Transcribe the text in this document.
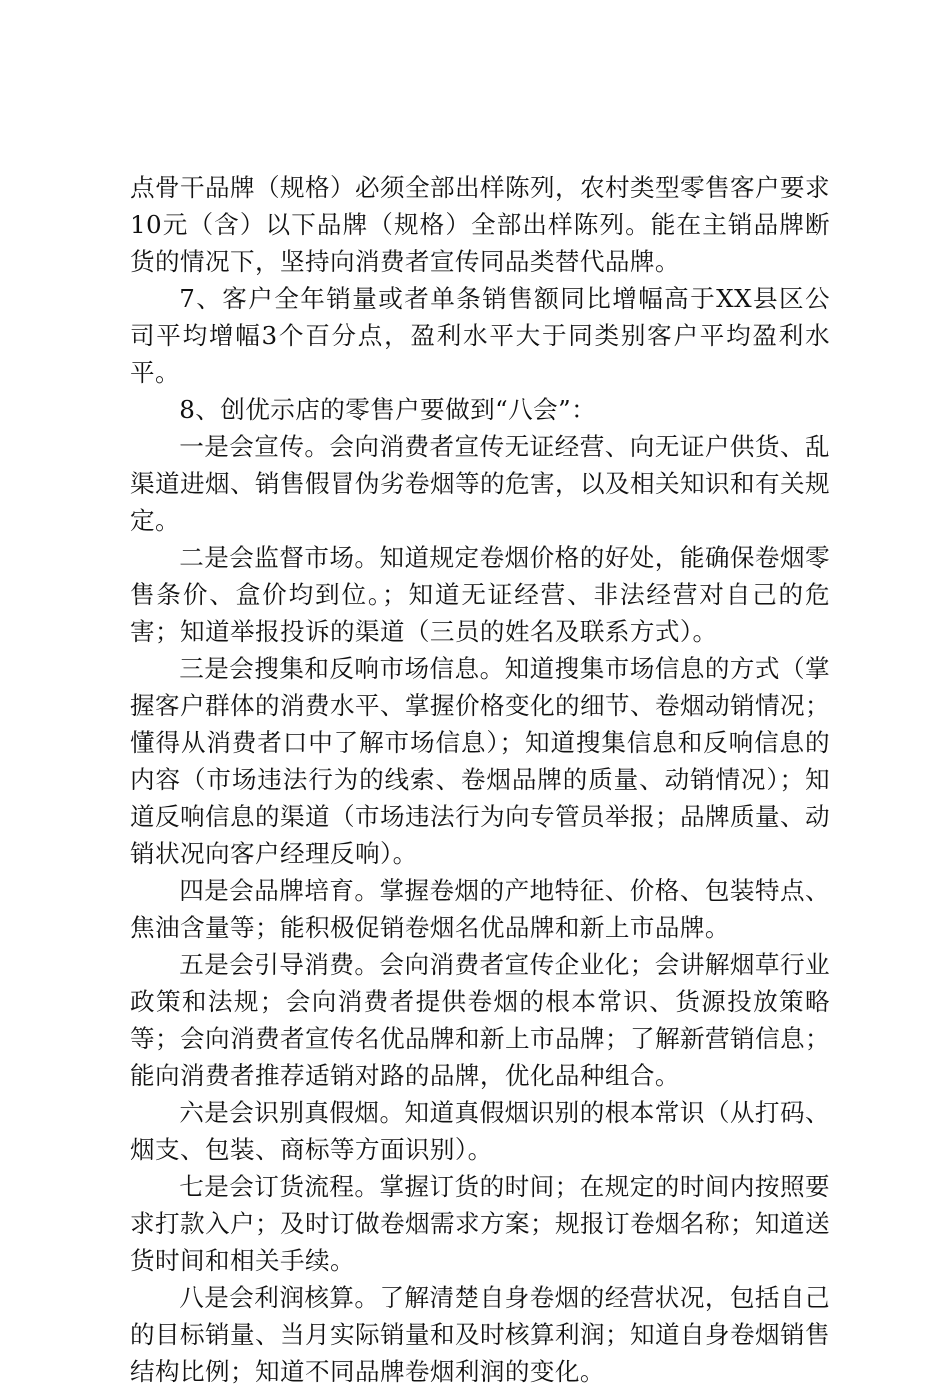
点骨干品牌（规格）必须全部出样陈列，农村类型零售客户要求10元（含）以下品牌（规格）全部出样陈列。能在主销品牌断货的情况下，坚持向消费者宣传同品类替代品牌。

7、客户全年销量或者单条销售额同比增幅高于XX县区公司平均增幅3个百分点，盈利水平大于同类别客户平均盈利水平。

8、创优示店的零售户要做到“八会”：

一是会宣传。会向消费者宣传无证经营、向无证户供货、乱渠道进烟、销售假冒伪劣卷烟等的危害，以及相关知识和有关规定。

二是会监督市场。知道规定卷烟价格的好处，能确保卷烟零售条价、盒价均到位。；知道无证经营、非法经营对自己的危害；知道举报投诉的渠道（三员的姓名及联系方式）。

三是会搜集和反响市场信息。知道搜集市场信息的方式（掌握客户群体的消费水平、掌握价格变化的细节、卷烟动销情况；懂得从消费者口中了解市场信息）；知道搜集信息和反响信息的内容（市场违法行为的线索、卷烟品牌的质量、动销情况）；知道反响信息的渠道（市场违法行为向专管员举报；品牌质量、动销状况向客户经理反响）。

四是会品牌培育。掌握卷烟的产地特征、价格、包装特点、焦油含量等；能积极促销卷烟名优品牌和新上市品牌。

五是会引导消费。会向消费者宣传企业化；会讲解烟草行业政策和法规；会向消费者提供卷烟的根本常识、货源投放策略等；会向消费者宣传名优品牌和新上市品牌；了解新营销信息；能向消费者推荐适销对路的品牌，优化品种组合。

六是会识别真假烟。知道真假烟识别的根本常识（从打码、烟支、包装、商标等方面识别）。

七是会订货流程。掌握订货的时间；在规定的时间内按照要求打款入户；及时订做卷烟需求方案；规报订卷烟名称；知道送货时间和相关手续。

八是会利润核算。了解清楚自身卷烟的经营状况，包括自己的目标销量、当月实际销量和及时核算利润；知道自身卷烟销售结构比例；知道不同品牌卷烟利润的变化。
